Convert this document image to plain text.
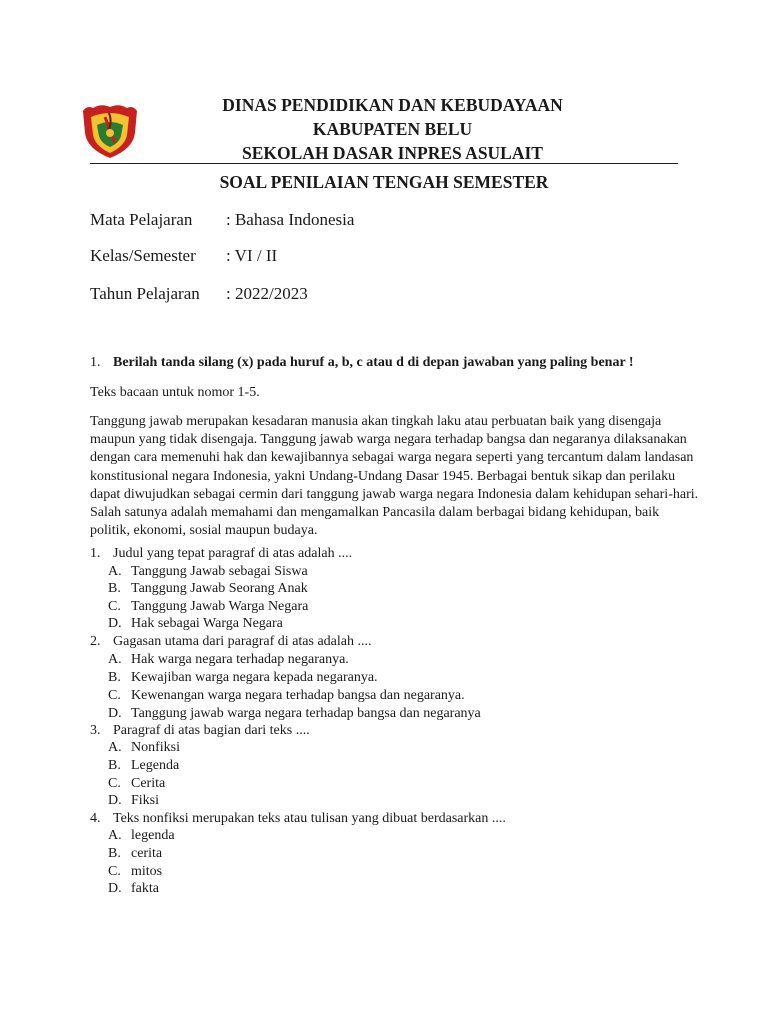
DINAS PENDIDIKAN DAN KEBUDAYAAN
KABUPATEN BELU
SEKOLAH DASAR INPRES ASULAIT
SOAL PENILAIAN TENGAH SEMESTER
Mata Pelajaran : Bahasa Indonesia
Kelas/Semester : VI / II
Tahun Pelajaran : 2022/2023
1. Berilah tanda silang (x) pada huruf a, b, c atau d di depan jawaban yang paling benar !
Teks bacaan untuk nomor 1-5.

Tanggung jawab merupakan kesadaran manusia akan tingkah laku atau perbuatan baik yang disengaja

maupun yang tidak disengaja. Tanggung jawab warga negara terhadap bangsa dan negaranya dilaksanakan

dengan cara memenuhi hak dan kewajibannya sebagai warga negara seperti yang tercantum dalam landasan

konstitusional negara Indonesia, yakni Undang-Undang Dasar 1945. Berbagai bentuk sikap dan perilaku

dapat diwujudkan sebagai cermin dari tanggung jawab warga negara Indonesia dalam kehidupan sehari-hari.

Salah satunya adalah memahami dan mengamalkan Pancasila dalam berbagai bidang kehidupan, baik

politik, ekonomi, sosial maupun budaya.

1. Judul yang tepat paragraf di atas adalah ....
A. Tanggung Jawab sebagai Siswa
B. Tanggung Jawab Seorang Anak
C. Tanggung Jawab Warga Negara
D. Hak sebagai Warga Negara
2. Gagasan utama dari paragraf di atas adalah ....
A. Hak warga negara terhadap negaranya.
B. Kewajiban warga negara kepada negaranya.
C. Kewenangan warga negara terhadap bangsa dan negaranya.
D. Tanggung jawab warga negara terhadap bangsa dan negaranya
3. Paragraf di atas bagian dari teks ....
A. Nonfiksi
B. Legenda
C. Cerita
D. Fiksi
4. Teks nonfiksi merupakan teks atau tulisan yang dibuat berdasarkan ....
A. legenda
B. cerita
C. mitos
D. fakta
